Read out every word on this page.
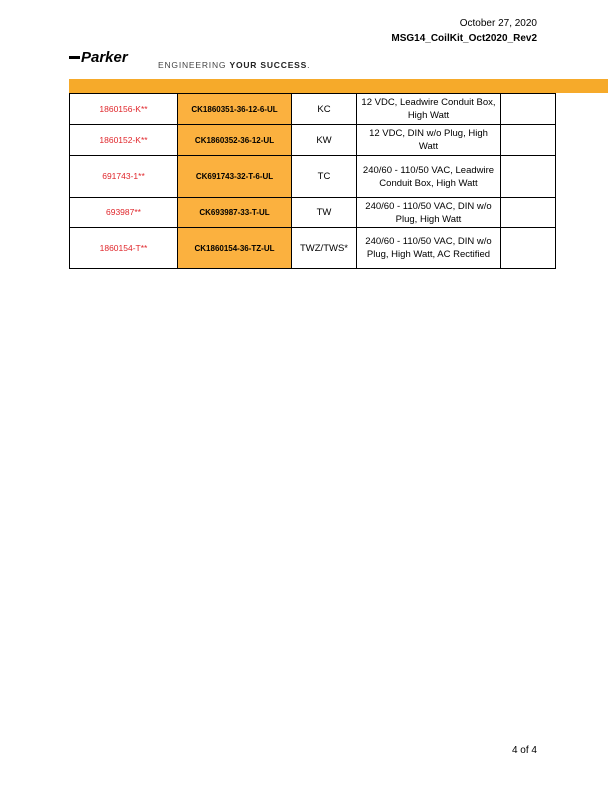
October 27, 2020
MSG14_CoilKit_Oct2020_Rev2
Parker	ENGINEERING YOUR SUCCESS.
1860156-K**	CK1860351-36-12-6-UL	KC	12 VDC, Leadwire Conduit Box, High Watt	
1860152-K**	CK1860352-36-12-UL	KW	12 VDC, DIN w/o Plug, High Watt	
691743-1**	CK691743-32-T-6-UL	TC	240/60 - 110/50 VAC, Leadwire Conduit Box, High Watt	
693987**	CK693987-33-T-UL	TW	240/60 - 110/50 VAC, DIN w/o Plug, High Watt	
1860154-T**	CK1860154-36-TZ-UL	TWZ/TWS*	240/60 - 110/50 VAC, DIN w/o Plug, High Watt, AC Rectified	
4 of 4
